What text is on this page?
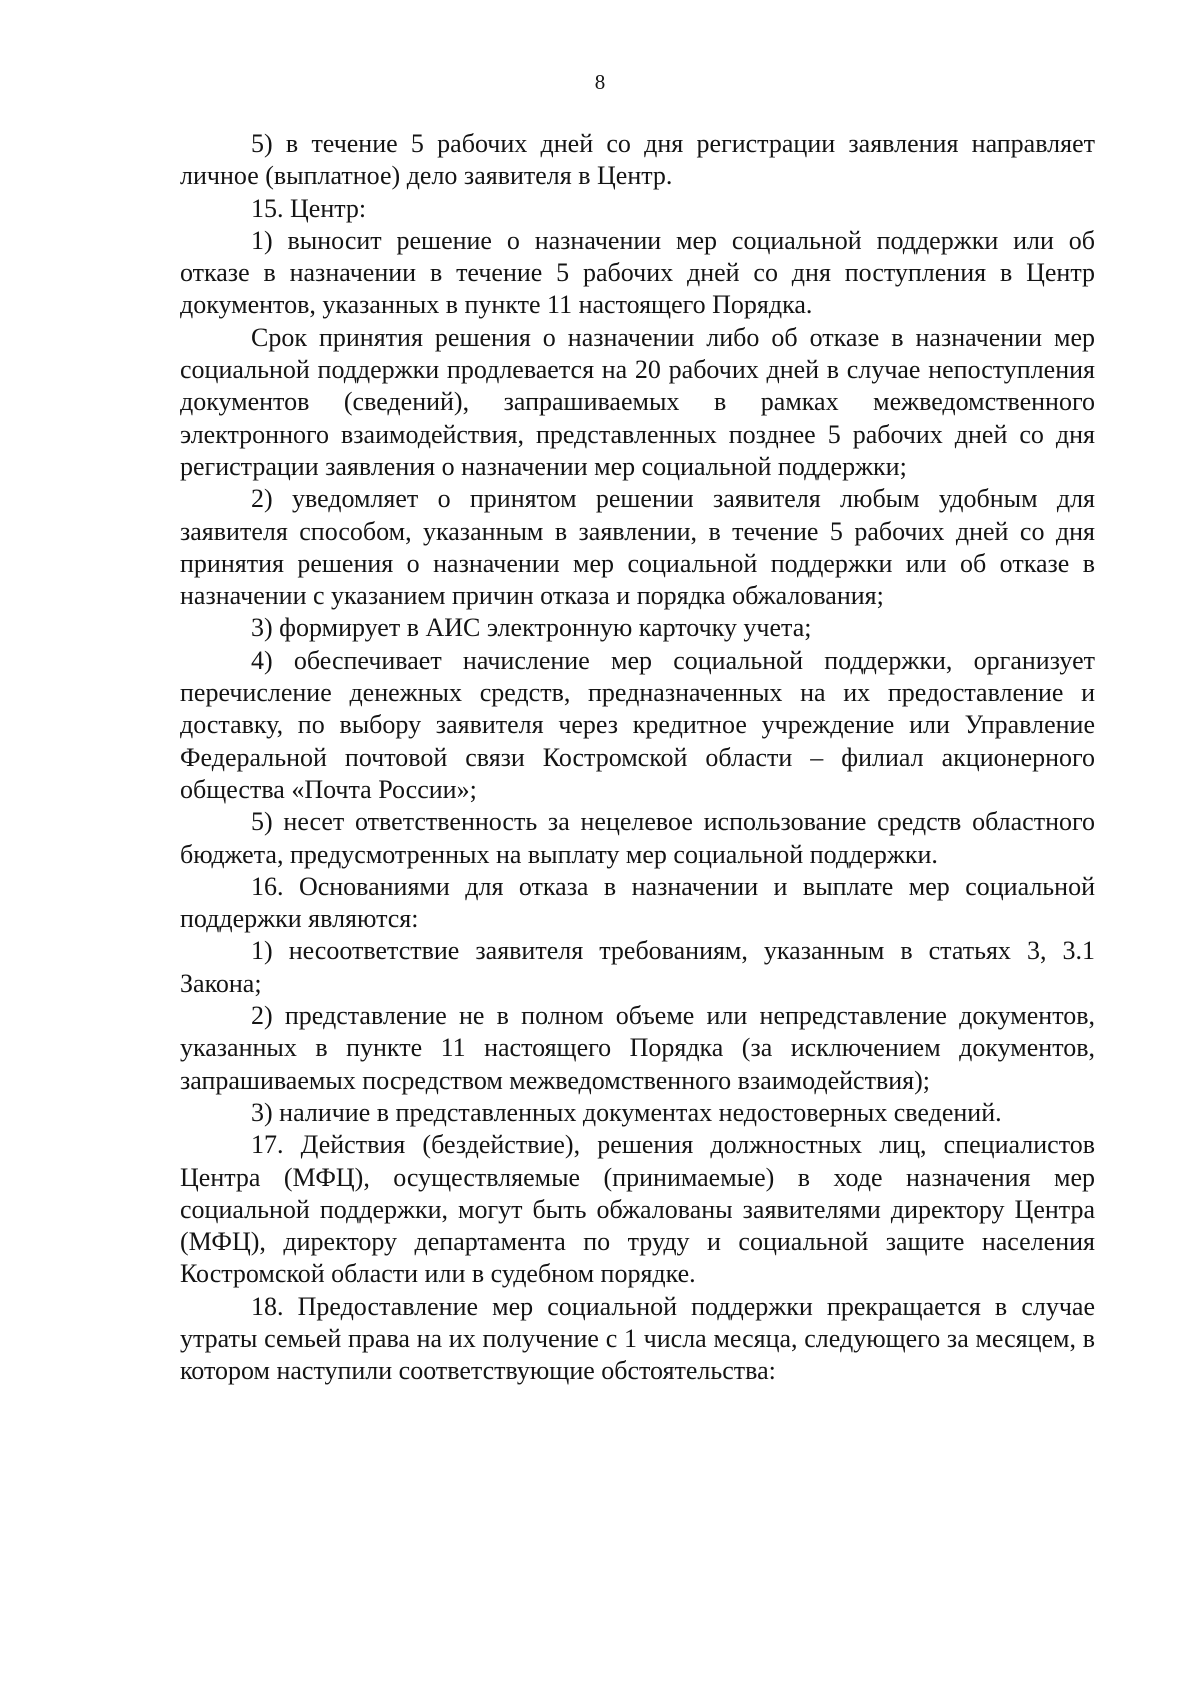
8

5) в течение 5 рабочих дней со дня регистрации заявления направляет личное (выплатное) дело заявителя в Центр.

15. Центр:

1) выносит решение о назначении мер социальной поддержки или об отказе в назначении в течение 5 рабочих дней со дня поступления в Центр документов, указанных в пункте 11 настоящего Порядка.

Срок принятия решения о назначении либо об отказе в назначении мер социальной поддержки продлевается на 20 рабочих дней в случае непоступления документов (сведений), запрашиваемых в рамках межведомственного электронного взаимодействия, представленных позднее 5 рабочих дней со дня регистрации заявления о назначении мер социальной поддержки;

2) уведомляет о принятом решении заявителя любым удобным для заявителя способом, указанным в заявлении, в течение 5 рабочих дней со дня принятия решения о назначении мер социальной поддержки или об отказе в назначении с указанием причин отказа и порядка обжалования;

3) формирует в АИС электронную карточку учета;

4) обеспечивает начисление мер социальной поддержки, организует перечисление денежных средств, предназначенных на их предоставление и доставку, по выбору заявителя через кредитное учреждение или Управление Федеральной почтовой связи Костромской области – филиал акционерного общества «Почта России»;

5) несет ответственность за нецелевое использование средств областного бюджета, предусмотренных на выплату мер социальной поддержки.

16. Основаниями для отказа в назначении и выплате мер социальной поддержки являются:

1) несоответствие заявителя требованиям, указанным в статьях 3, 3.1 Закона;

2) представление не в полном объеме или непредставление документов, указанных в пункте 11 настоящего Порядка (за исключением документов, запрашиваемых посредством межведомственного взаимодействия);

3) наличие в представленных документах недостоверных сведений.

17. Действия (бездействие), решения должностных лиц, специалистов Центра (МФЦ), осуществляемые (принимаемые) в ходе назначения мер социальной поддержки, могут быть обжалованы заявителями директору Центра (МФЦ), директору департамента по труду и социальной защите населения Костромской области или в судебном порядке.

18. Предоставление мер социальной поддержки прекращается в случае утраты семьей права на их получение с 1 числа месяца, следующего за месяцем, в котором наступили соответствующие обстоятельства:
